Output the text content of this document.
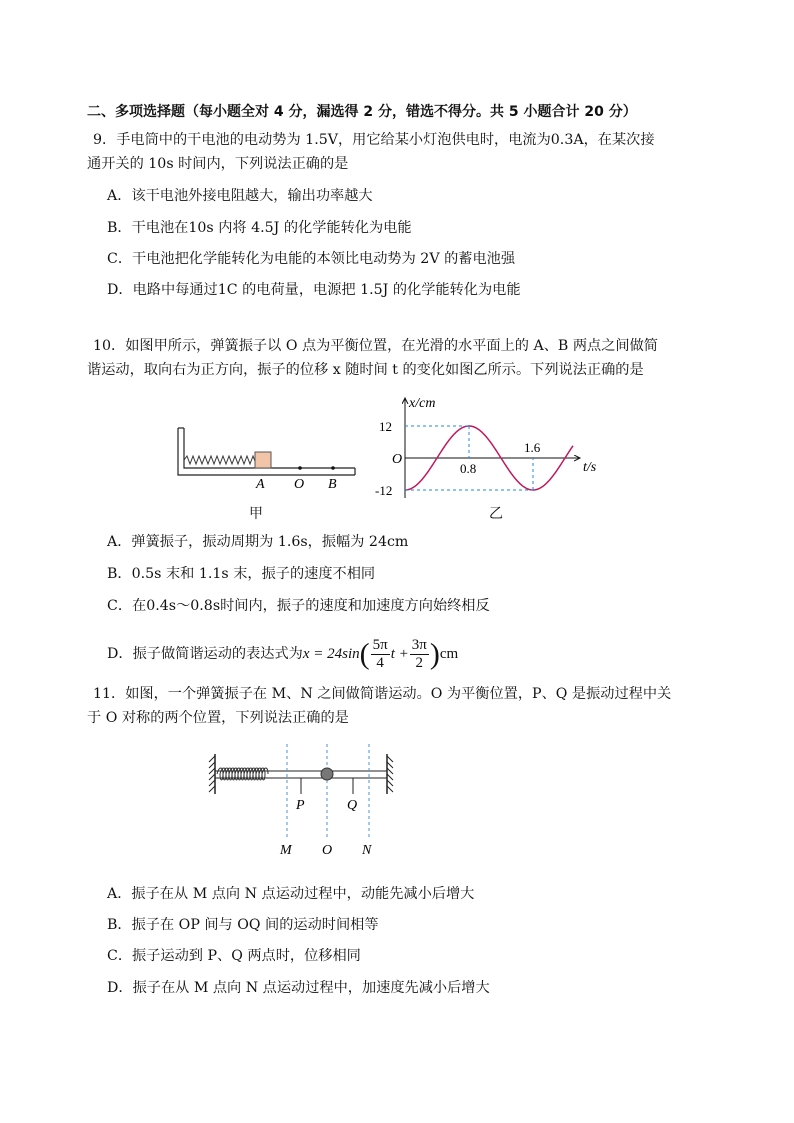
二、多项选择题（每小题全对 4 分，漏选得 2 分，错选不得分。共 5 小题合计 20 分）
9．手电筒中的干电池的电动势为 1.5V，用它给某小灯泡供电时，电流为0.3A，在某次接
通开关的 10s 时间内，下列说法正确的是
A．该干电池外接电阻越大，输出功率越大
B．干电池在10s 内将 4.5J 的化学能转化为电能
C．干电池把化学能转化为电能的本领比电动势为 2V 的蓄电池强
D．电路中每通过1C 的电荷量，电源把 1.5J 的化学能转化为电能
10．如图甲所示，弹簧振子以 O 点为平衡位置，在光滑的水平面上的 A、B 两点之间做简
谐运动，取向右为正方向，振子的位移 x 随时间 t 的变化如图乙所示。下列说法正确的是
A O B
甲
x/cm
t/s
O
12
-12
0.8
1.6
乙
A．弹簧振子，振动周期为 1.6s，振幅为 24cm
B．0.5s 末和 1.1s 末，振子的速度不相同
C．在0.4s～0.8s时间内，振子的速度和加速度方向始终相反
D．振子做简谐运动的表达式为$x = 24\sin( \frac{5\pi}{4}$ $t + \frac{3\pi}{2} )cm$
11．如图，一个弹簧振子在 M、N 之间做简谐运动。O 为平衡位置，P、Q 是振动过程中关
于 O 对称的两个位置，下列说法正确的是
P	Q
M O N
A．振子在从 M 点向 N 点运动过程中，动能先减小后增大
B．振子在 OP 间与 OQ 间的运动时间相等
C．振子运动到 P、Q 两点时，位移相同
D．振子在从 M 点向 N 点运动过程中，加速度先减小后增大
